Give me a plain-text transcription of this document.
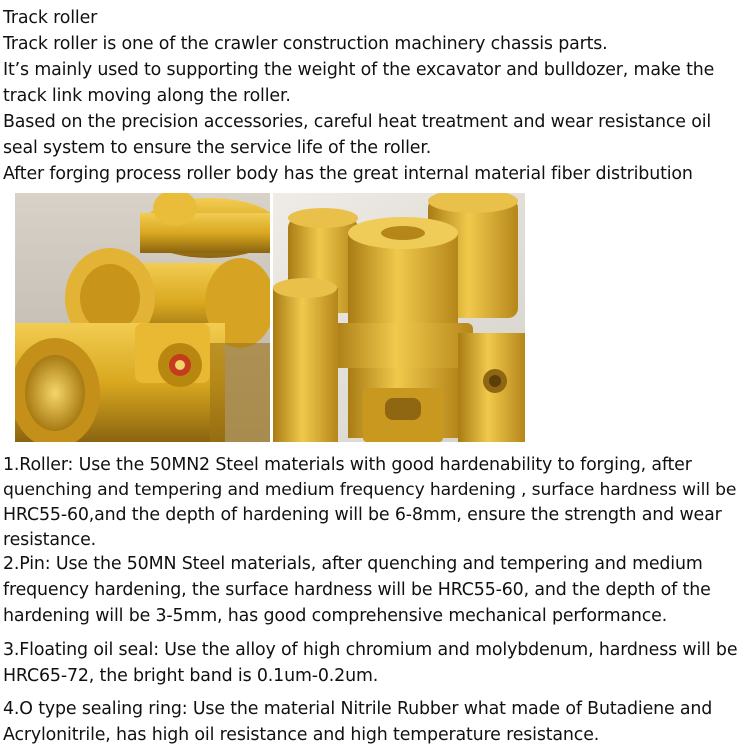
Track roller
Track roller is one of the crawler construction machinery chassis parts.
It’s mainly used to supporting the weight of the excavator and bulldozer, make the
track link moving along the roller.
Based on the precision accessories, careful heat treatment and wear resistance oil
seal system to ensure the service life of the roller.
After forging process roller body has the great internal material fiber distribution
1.Roller: Use the 50MN2 Steel materials with good hardenability to forging, after
quenching and tempering and medium frequency hardening , surface hardness will be
HRC55-60,and the depth of hardening will be 6-8mm, ensure the strength and wear
resistance.
2.Pin: Use the 50MN Steel materials, after quenching and tempering and medium
frequency hardening, the surface hardness will be HRC55-60, and the depth of the
hardening will be 3-5mm, has good comprehensive mechanical performance.
3.Floating oil seal: Use the alloy of high chromium and molybdenum, hardness will be
HRC65-72, the bright band is 0.1um-0.2um.
4.O type sealing ring: Use the material Nitrile Rubber what made of Butadiene and
Acrylonitrile, has high oil resistance and high temperature resistance.
